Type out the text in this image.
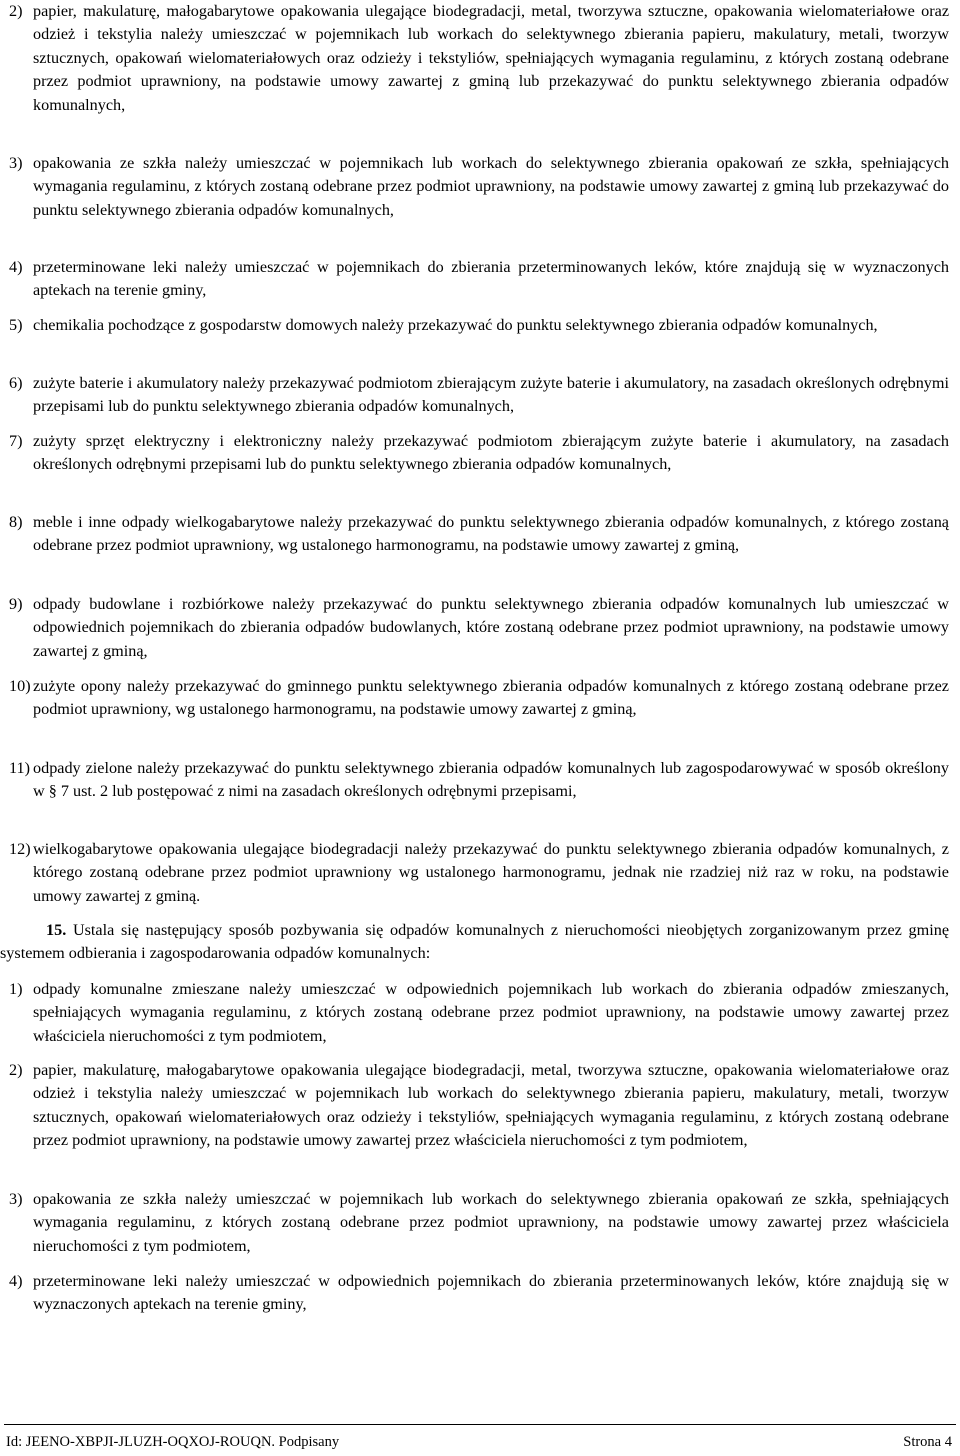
2) papier, makulaturę, małogabarytowe opakowania ulegające biodegradacji, metal, tworzywa sztuczne, opakowania wielomateriałowe oraz odzież i tekstylia należy umieszczać w pojemnikach lub workach do selektywnego zbierania papieru, makulatury, metali, tworzyw sztucznych, opakowań wielomateriałowych oraz odzieży i tekstyliów, spełniających wymagania regulaminu, z których zostaną odebrane przez podmiot uprawniony, na podstawie umowy zawartej z gminą lub przekazywać do punktu selektywnego zbierania odpadów komunalnych,
3) opakowania ze szkła należy umieszczać w pojemnikach lub workach do selektywnego zbierania opakowań ze szkła, spełniających wymagania regulaminu, z których zostaną odebrane przez podmiot uprawniony, na podstawie umowy zawartej z gminą lub przekazywać do punktu selektywnego zbierania odpadów komunalnych,
4) przeterminowane leki należy umieszczać w pojemnikach do zbierania przeterminowanych leków, które znajdują się w wyznaczonych aptekach na terenie gminy,
5) chemikalia pochodzące z gospodarstw domowych należy przekazywać do punktu selektywnego zbierania odpadów komunalnych,
6) zużyte baterie i akumulatory należy przekazywać podmiotom zbierającym zużyte baterie i akumulatory, na zasadach określonych odrębnymi przepisami lub do punktu selektywnego zbierania odpadów komunalnych,
7) zużyty sprzęt elektryczny i elektroniczny należy przekazywać podmiotom zbierającym zużyte baterie i akumulatory, na zasadach określonych odrębnymi przepisami lub do punktu selektywnego zbierania odpadów komunalnych,
8) meble i inne odpady wielkogabarytowe należy przekazywać do punktu selektywnego zbierania odpadów komunalnych, z którego zostaną odebrane przez podmiot uprawniony, wg ustalonego harmonogramu, na podstawie umowy zawartej z gminą,
9) odpady budowlane i rozbiórkowe należy przekazywać do punktu selektywnego zbierania odpadów komunalnych lub umieszczać w odpowiednich pojemnikach do zbierania odpadów budowlanych, które zostaną odebrane przez podmiot uprawniony, na podstawie umowy zawartej z gminą,
10) zużyte opony należy przekazywać do gminnego punktu selektywnego zbierania odpadów komunalnych z którego zostaną odebrane przez podmiot uprawniony, wg ustalonego harmonogramu, na podstawie umowy zawartej z gminą,
11) odpady zielone należy przekazywać do punktu selektywnego zbierania odpadów komunalnych lub zagospodarowywać w sposób określony w § 7 ust. 2 lub postępować z nimi na zasadach określonych odrębnymi przepisami,
12) wielkogabarytowe opakowania ulegające biodegradacji należy przekazywać do punktu selektywnego zbierania odpadów komunalnych, z którego zostaną odebrane przez podmiot uprawniony wg ustalonego harmonogramu, jednak nie rzadziej niż raz w roku, na podstawie umowy zawartej z gminą.
15. Ustala się następujący sposób pozbywania się odpadów komunalnych z nieruchomości nieobjętych zorganizowanym przez gminę systemem odbierania i zagospodarowania odpadów komunalnych:
1) odpady komunalne zmieszane należy umieszczać w odpowiednich pojemnikach lub workach do zbierania odpadów zmieszanych, spełniających wymagania regulaminu, z których zostaną odebrane przez podmiot uprawniony, na podstawie umowy zawartej przez właściciela nieruchomości z tym podmiotem,
2) papier, makulaturę, małogabarytowe opakowania ulegające biodegradacji, metal, tworzywa sztuczne, opakowania wielomateriałowe oraz odzież i tekstylia należy umieszczać w pojemnikach lub workach do selektywnego zbierania papieru, makulatury, metali, tworzyw sztucznych, opakowań wielomateriałowych oraz odzieży i tekstyliów, spełniających wymagania regulaminu, z których zostaną odebrane przez podmiot uprawniony, na podstawie umowy zawartej przez właściciela nieruchomości z tym podmiotem,
3) opakowania ze szkła należy umieszczać w pojemnikach lub workach do selektywnego zbierania opakowań ze szkła, spełniających wymagania regulaminu, z których zostaną odebrane przez podmiot uprawniony, na podstawie umowy zawartej przez właściciela nieruchomości z tym podmiotem,
4) przeterminowane leki należy umieszczać w odpowiednich pojemnikach do zbierania przeterminowanych leków, które znajdują się w wyznaczonych aptekach na terenie gminy,
Id: JEENO-XBPJI-JLUZH-OQXOJ-ROUQN. Podpisany	Strona 4
